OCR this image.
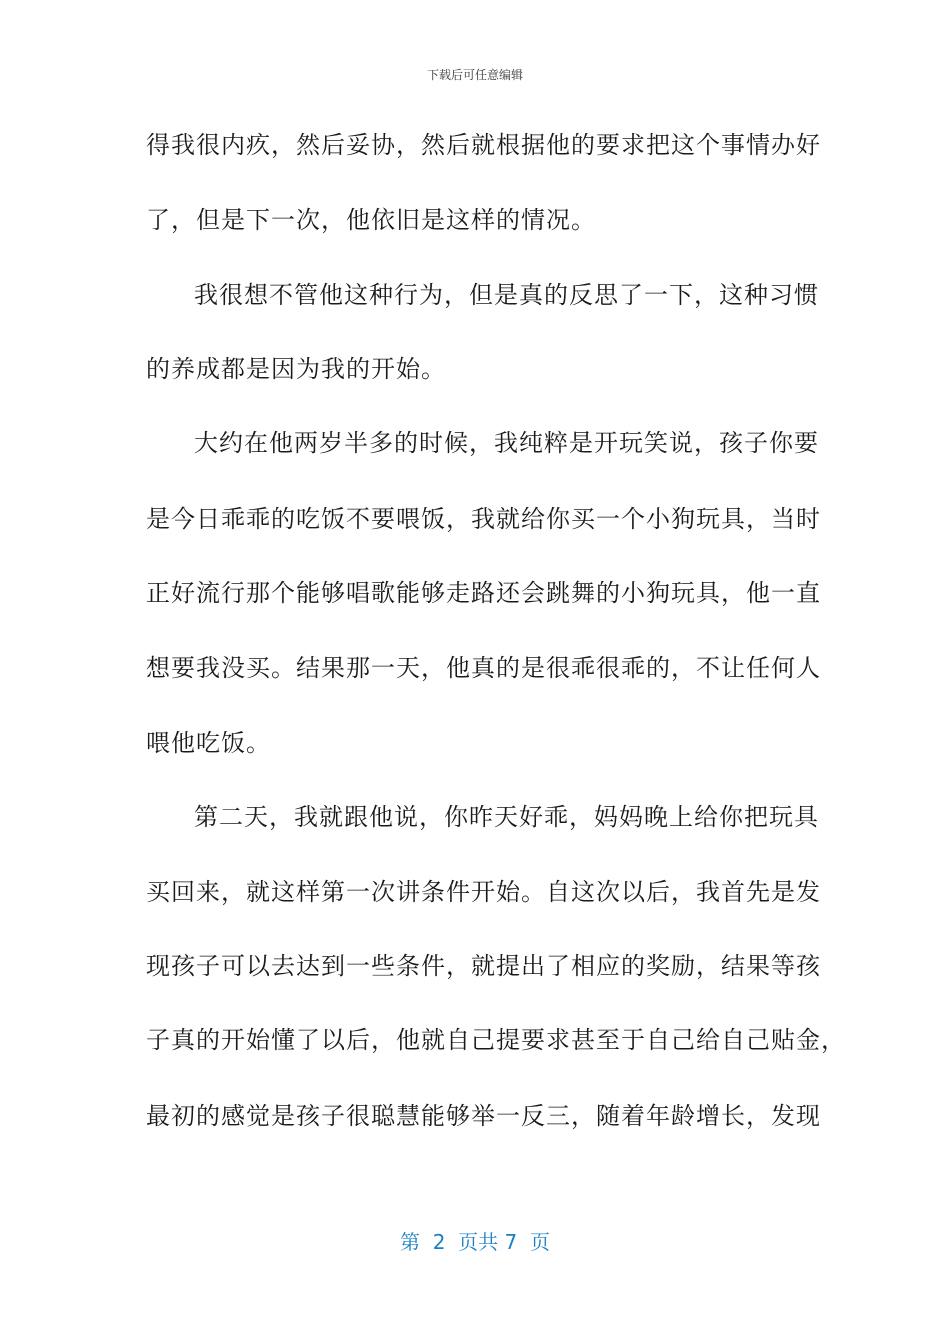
下载后可任意编辑
得我很内疚，然后妥协，然后就根据他的要求把这个事情办好
了，但是下一次，他依旧是这样的情况。
我很想不管他这种行为，但是真的反思了一下，这种习惯
的养成都是因为我的开始。
大约在他两岁半多的时候，我纯粹是开玩笑说，孩子你要
是今日乖乖的吃饭不要喂饭，我就给你买一个小狗玩具，当时
正好流行那个能够唱歌能够走路还会跳舞的小狗玩具，他一直
想要我没买。结果那一天，他真的是很乖很乖的，不让任何人
喂他吃饭。
第二天，我就跟他说，你昨天好乖，妈妈晚上给你把玩具
买回来，就这样第一次讲条件开始。自这次以后，我首先是发
现孩子可以去达到一些条件，就提出了相应的奖励，结果等孩
子真的开始懂了以后，他就自己提要求甚至于自己给自己贴金，
最初的感觉是孩子很聪慧能够举一反三，随着年龄增长，发现
第  2  页共 7  页
